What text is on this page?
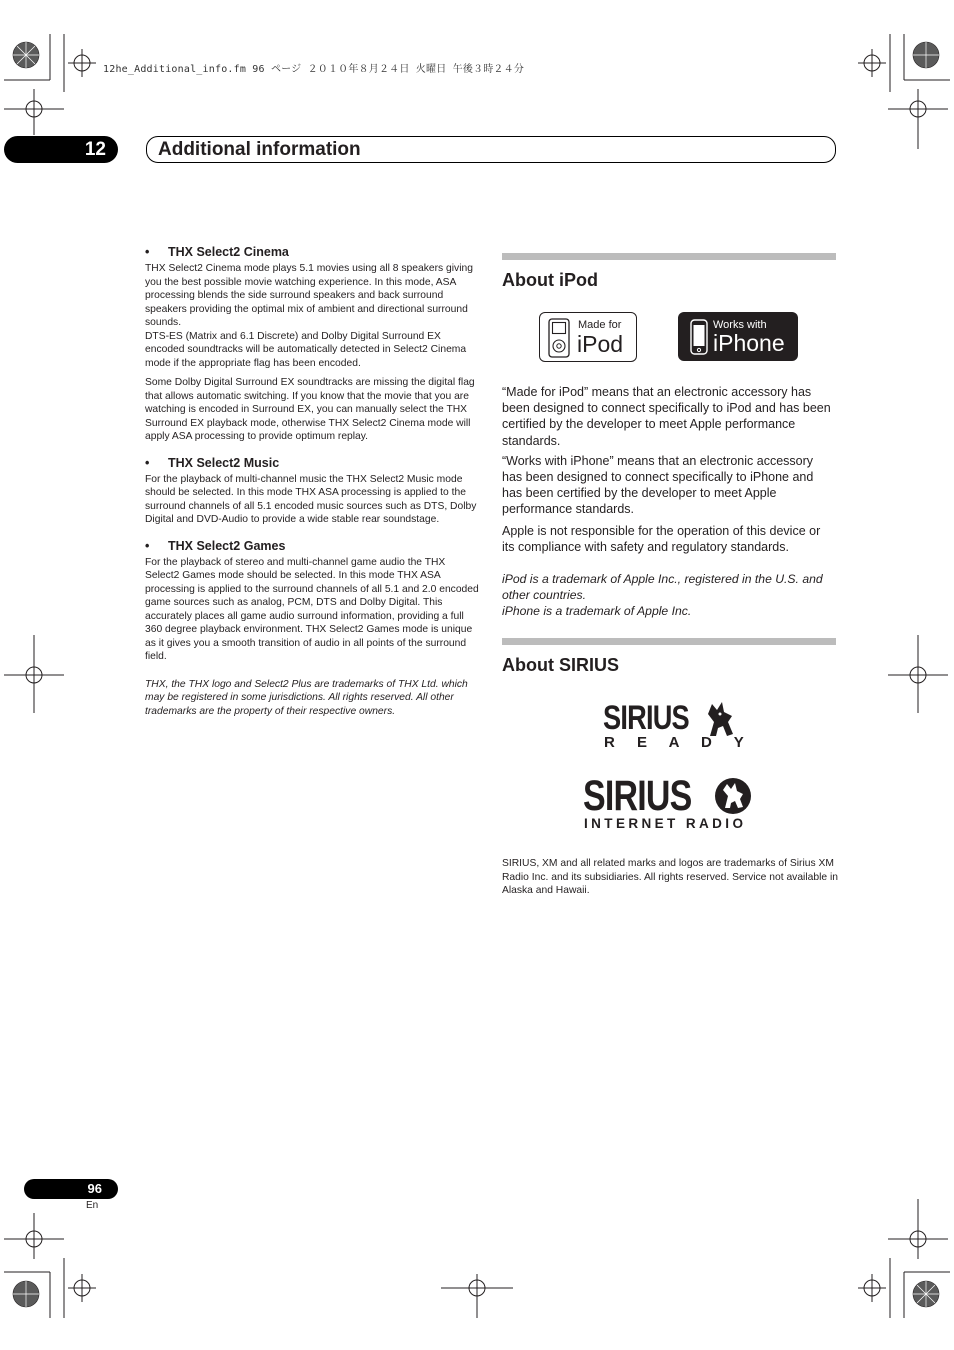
12he_Additional_info.fm 96 ページ ２０１０年８月２４日 火曜日 午後３時２４分
12	Additional information
• THX Select2 Cinema

THX Select2 Cinema mode plays 5.1 movies using all 8 speakers giving you the best possible movie watching experience. In this mode, ASA processing blends the side surround speakers and back surround speakers providing the optimal mix of ambient and directional surround sounds.

DTS-ES (Matrix and 6.1 Discrete) and Dolby Digital Surround EX encoded soundtracks will be automatically detected in Select2 Cinema mode if the appropriate flag has been encoded.

Some Dolby Digital Surround EX soundtracks are missing the digital flag that allows automatic switching. If you know that the movie that you are watching is encoded in Surround EX, you can manually select the THX Surround EX playback mode, otherwise THX Select2 Cinema mode will apply ASA processing to provide optimum replay.

• THX Select2 Music

For the playback of multi-channel music the THX Select2 Music mode should be selected. In this mode THX ASA processing is applied to the surround channels of all 5.1 encoded music sources such as DTS, Dolby Digital and DVD-Audio to provide a wide stable rear soundstage.

• THX Select2 Games

For the playback of stereo and multi-channel game audio the THX Select2 Games mode should be selected. In this mode THX ASA processing is applied to the surround channels of all 5.1 and 2.0 encoded game sources such as analog, PCM, DTS and Dolby Digital. This accurately places all game audio surround information, providing a full 360 degree playback environment. THX Select2 Games mode is unique as it gives you a smooth transition of audio in all points of the surround field.

THX, the THX logo and Select2 Plus are trademarks of THX Ltd. which may be registered in some jurisdictions. All rights reserved. All other trademarks are the property of their respective owners.

About iPod
Made for
iPod
Works with
iPhone

“Made for iPod” means that an electronic accessory has been designed to connect specifically to iPod and has been certified by the developer to meet Apple performance standards.

“Works with iPhone” means that an electronic accessory has been designed to connect specifically to iPhone and has been certified by the developer to meet Apple performance standards.

Apple is not responsible for the operation of this device or its compliance with safety and regulatory standards.

iPod is a trademark of Apple Inc., registered in the U.S. and other countries.

iPhone is a trademark of Apple Inc.

About SIRIUS
SIRIUS
R E A D Y
SIRIUS
INTERNET RADIO

SIRIUS, XM and all related marks and logos are trademarks of Sirius XM Radio Inc. and its subsidiaries. All rights reserved. Service not available in Alaska and Hawaii.

96
En
